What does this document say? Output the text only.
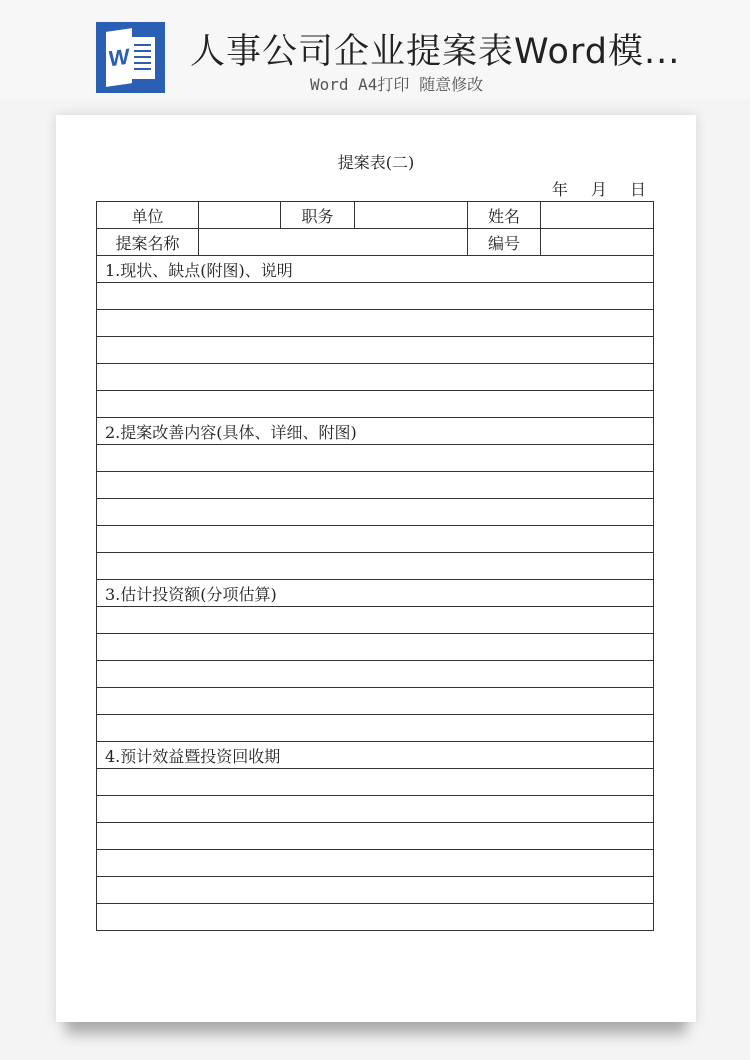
W 人事公司企业提案表Word模...
Word A4打印 随意修改
提案表(二)
年 月 日
单位		职务		姓名	
提案名称				编号	
1.现状、缺点(附图)、说明					

2.提案改善内容(具体、详细、附图)					

3.估计投资额(分项估算)					

4.预计效益暨投资回收期					
